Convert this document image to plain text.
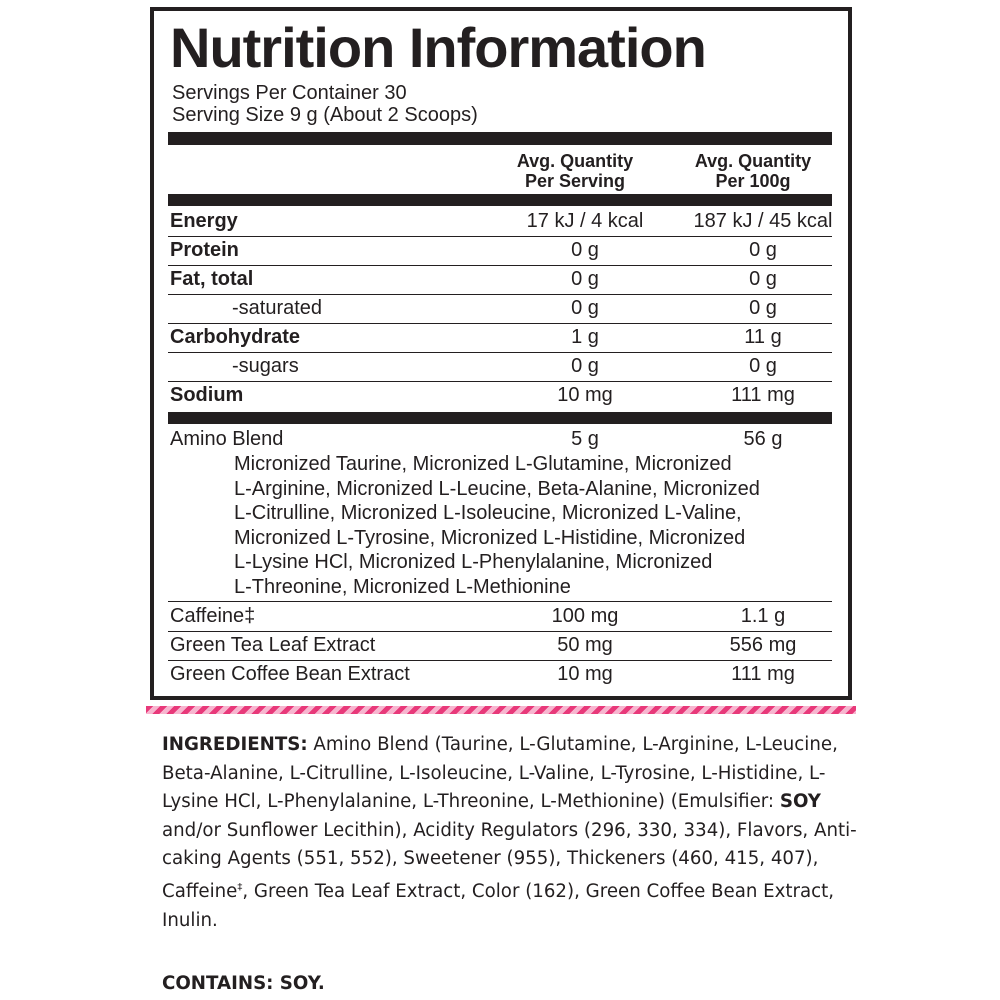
Nutrition Information
Servings Per Container 30
Serving Size 9 g (About 2 Scoops)
Avg. Quantity
Per Serving
Avg. Quantity
Per 100g
Energy	17 kJ / 4 kcal	187 kJ / 45 kcal
Protein	0 g	0 g
Fat, total	0 g	0 g
-saturated	0 g	0 g
Carbohydrate	1 g	11 g
-sugars	0 g	0 g
Sodium	10 mg	111 mg
Amino Blend	5 g	56 g
Micronized Taurine, Micronized L-Glutamine, Micronized
L-Arginine, Micronized L-Leucine, Beta-Alanine, Micronized
L-Citrulline, Micronized L-Isoleucine, Micronized L-Valine,
Micronized L-Tyrosine, Micronized L-Histidine, Micronized
L-Lysine HCl, Micronized L-Phenylalanine, Micronized
L-Threonine, Micronized L-Methionine
Caffeine‡	100 mg	1.1 g
Green Tea Leaf Extract	50 mg	556 mg
Green Coffee Bean Extract	10 mg	111 mg
INGREDIENTS: Amino Blend (Taurine, L-Glutamine, L-Arginine, L-Leucine, Beta-Alanine, L-Citrulline, L-Isoleucine, L-Valine, L-Tyrosine, L-Histidine, L-Lysine HCl, L-Phenylalanine, L-Threonine, L-Methionine) (Emulsifier: SOY and/or Sunflower Lecithin), Acidity Regulators (296, 330, 334), Flavors, Anti-caking Agents (551, 552), Sweetener (955), Thickeners (460, 415, 407), Caffeine‡, Green Tea Leaf Extract, Color (162), Green Coffee Bean Extract, Inulin.
CONTAINS: SOY.
